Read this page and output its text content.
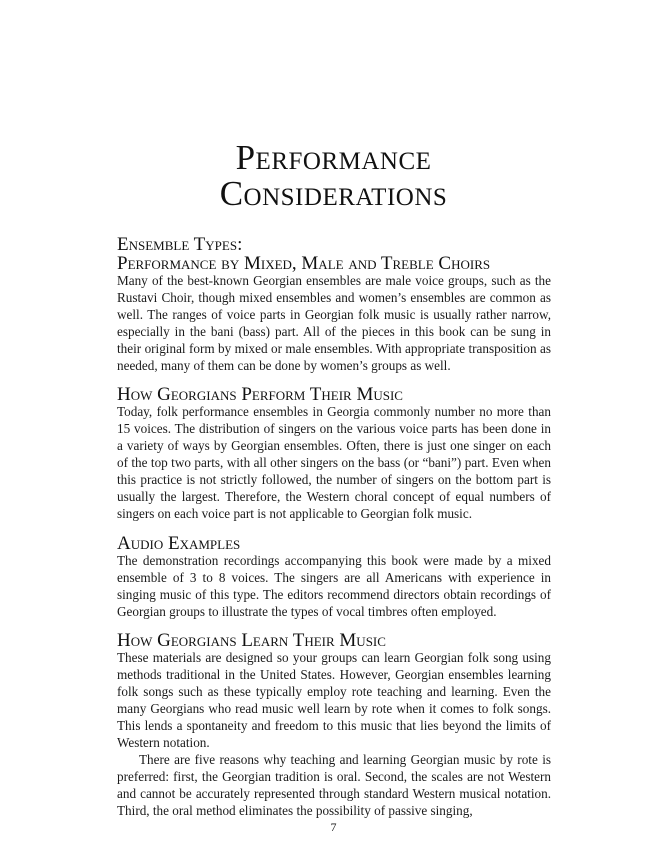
Performance
Considerations
Ensemble Types:
Performance by Mixed, Male and Treble Choirs

Many of the best-known Georgian ensembles are male voice groups, such as the Rustavi Choir, though mixed ensembles and women’s ensembles are common as well. The ranges of voice parts in Georgian folk music is usually rather narrow, especially in the bani (bass) part. All of the pieces in this book can be sung in their original form by mixed or male ensembles. With appropriate transposition as needed, many of them can be done by women’s groups as well.

How Georgians Perform Their Music

Today, folk performance ensembles in Georgia commonly number no more than 15 voices. The distribution of singers on the various voice parts has been done in a variety of ways by Georgian ensembles. Often, there is just one singer on each of the top two parts, with all other singers on the bass (or “bani”) part. Even when this practice is not strictly followed, the number of singers on the bottom part is usually the largest. Therefore, the Western choral concept of equal numbers of singers on each voice part is not applicable to Georgian folk music.

Audio Examples

The demonstration recordings accompanying this book were made by a mixed ensemble of 3 to 8 voices. The singers are all Americans with experience in singing music of this type. The editors recommend directors obtain recordings of Georgian groups to illustrate the types of vocal timbres often employed.

How Georgians Learn Their Music

These materials are designed so your groups can learn Georgian folk song using methods traditional in the United States. However, Georgian ensembles learning folk songs such as these typically employ rote teaching and learning. Even the many Georgians who read music well learn by rote when it comes to folk songs. This lends a spontaneity and freedom to this music that lies beyond the limits of Western notation.

There are five reasons why teaching and learning Georgian music by rote is preferred: first, the Georgian tradition is oral. Second, the scales are not Western and cannot be accurately represented through standard Western musical notation. Third, the oral method eliminates the possibility of passive singing,

7
